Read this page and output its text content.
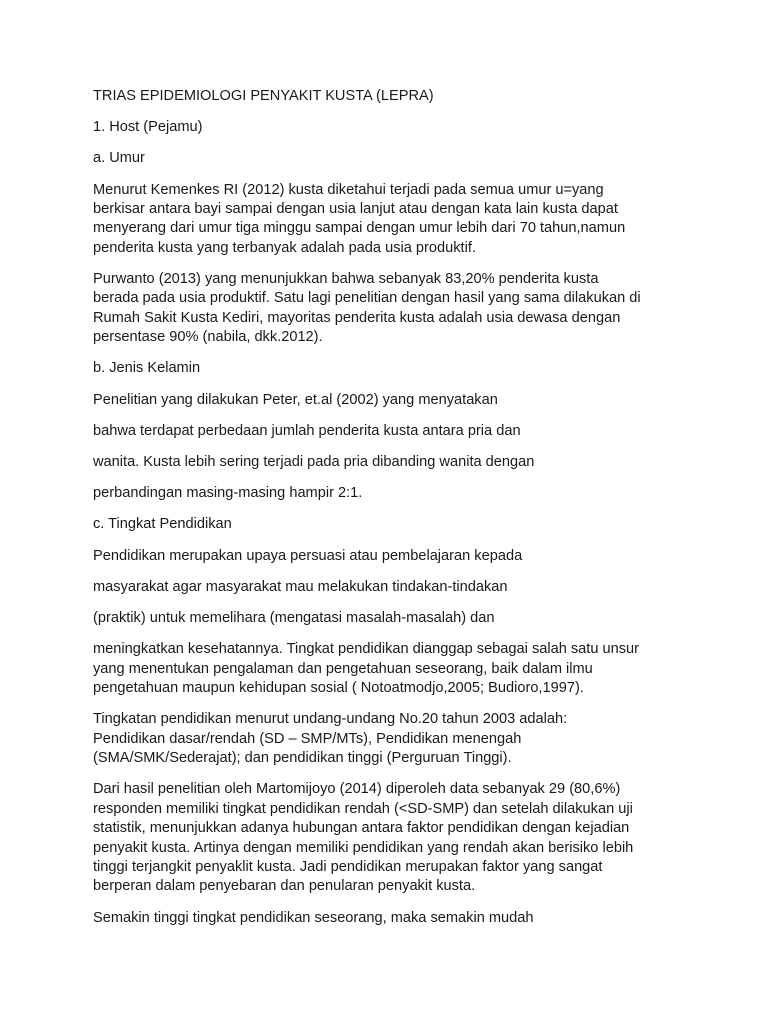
TRIAS EPIDEMIOLOGI PENYAKIT KUSTA (LEPRA)

1. Host (Pejamu)

a. Umur

Menurut Kemenkes RI (2012) kusta diketahui terjadi pada semua umur u=yang
berkisar antara bayi sampai dengan usia lanjut atau dengan kata lain kusta dapat
menyerang dari umur tiga minggu sampai dengan umur lebih dari 70 tahun,namun
penderita kusta yang terbanyak adalah pada usia produktif.

Purwanto (2013) yang menunjukkan bahwa sebanyak 83,20% penderita kusta
berada pada usia produktif. Satu lagi penelitian dengan hasil yang sama dilakukan di
Rumah Sakit Kusta Kediri, mayoritas penderita kusta adalah usia dewasa dengan
persentase 90% (nabila, dkk.2012).

b. Jenis Kelamin

Penelitian yang dilakukan Peter, et.al (2002) yang menyatakan

bahwa terdapat perbedaan jumlah penderita kusta antara pria dan

wanita. Kusta lebih sering terjadi pada pria dibanding wanita dengan

perbandingan masing-masing hampir 2:1.

c. Tingkat Pendidikan

Pendidikan merupakan upaya persuasi atau pembelajaran kepada

masyarakat agar masyarakat mau melakukan tindakan-tindakan

(praktik) untuk memelihara (mengatasi masalah-masalah) dan

meningkatkan kesehatannya. Tingkat pendidikan dianggap sebagai salah satu unsur
yang menentukan pengalaman dan pengetahuan seseorang, baik dalam ilmu
pengetahuan maupun kehidupan sosial ( Notoatmodjo,2005; Budioro,1997).

Tingkatan pendidikan menurut undang-undang No.20 tahun 2003 adalah:
Pendidikan dasar/rendah (SD – SMP/MTs), Pendidikan menengah
(SMA/SMK/Sederajat); dan pendidikan tinggi (Perguruan Tinggi).

Dari hasil penelitian oleh Martomijoyo (2014) diperoleh data sebanyak 29 (80,6%)
responden memiliki tingkat pendidikan rendah (<SD-SMP) dan setelah dilakukan uji
statistik, menunjukkan adanya hubungan antara faktor pendidikan dengan kejadian
penyakit kusta. Artinya dengan memiliki pendidikan yang rendah akan berisiko lebih
tinggi terjangkit penyaklit kusta. Jadi pendidikan merupakan faktor yang sangat
berperan dalam penyebaran dan penularan penyakit kusta.

Semakin tinggi tingkat pendidikan seseorang, maka semakin mudah
